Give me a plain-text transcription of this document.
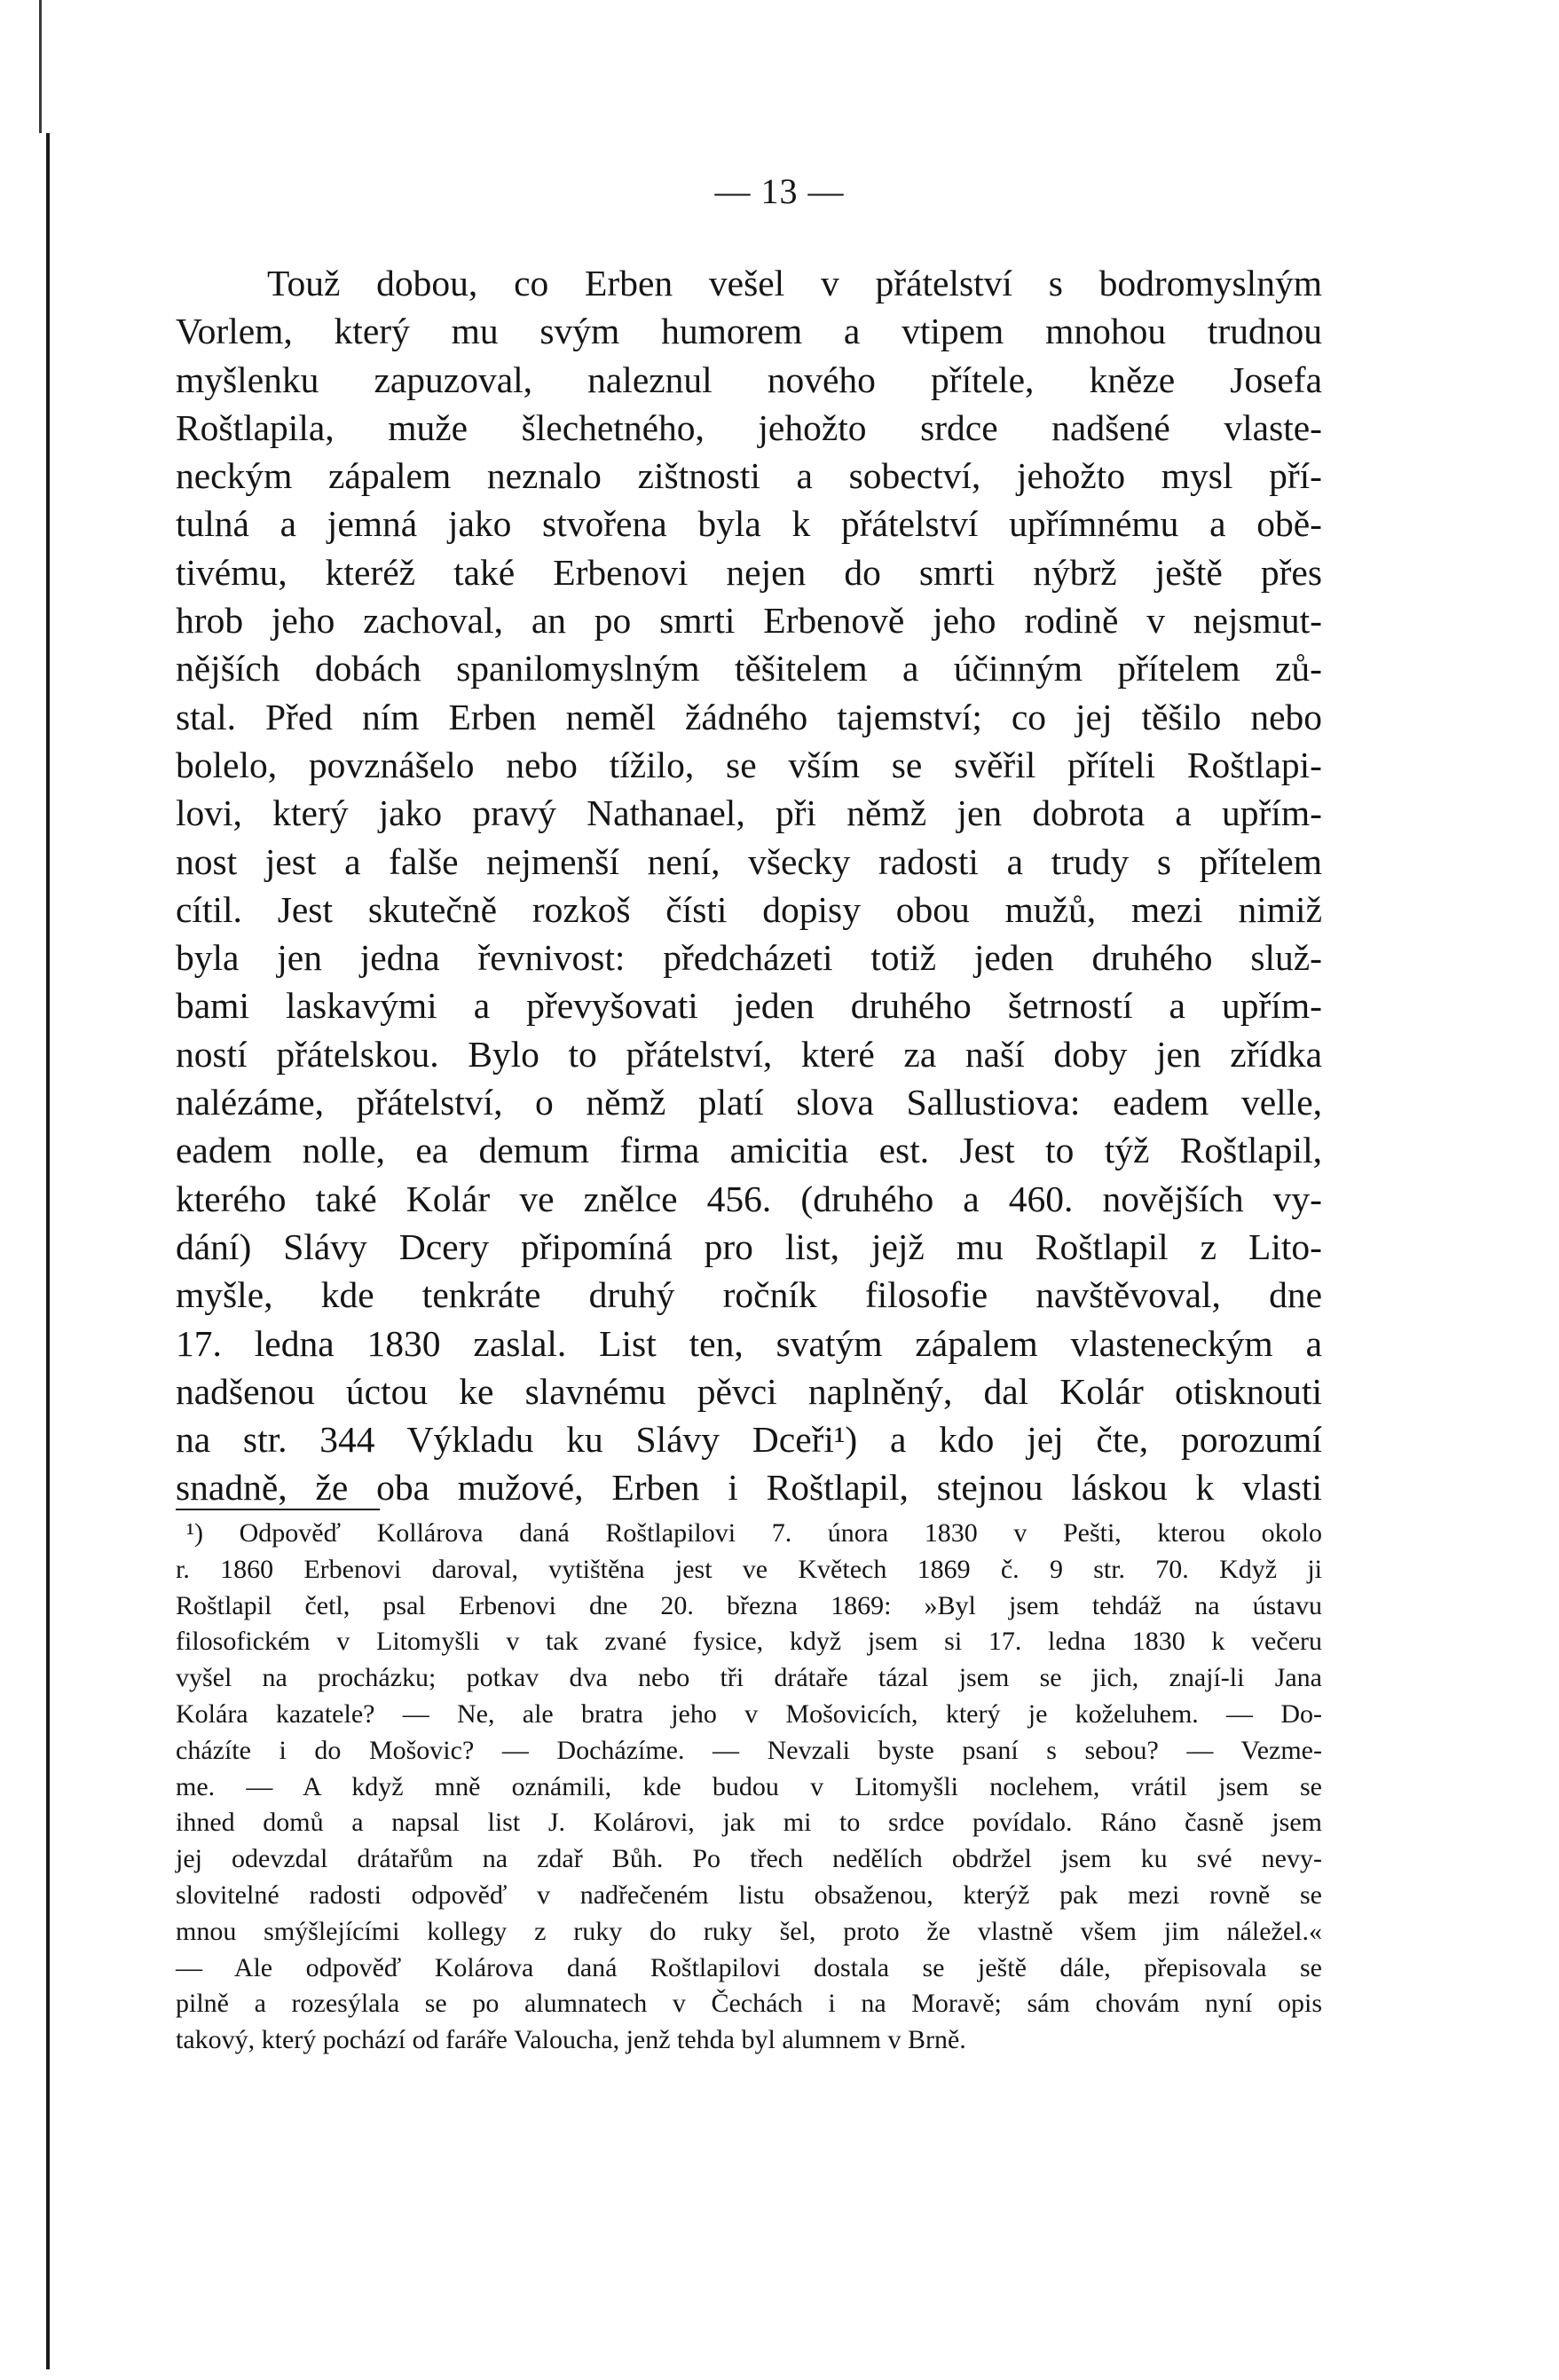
— 13 —
Touž dobou, co Erben vešel v přátelství s bodromyslným
Vorlem, který mu svým humorem a vtipem mnohou trudnou
myšlenku zapuzoval, naleznul nového přítele, kněze Josefa
Roštlapila, muže šlechetného, jehožto srdce nadšené vlaste-
neckým zápalem neznalo zištnosti a sobectví, jehožto mysl pří-
tulná a jemná jako stvořena byla k přátelství upřímnému a obě-
tivému, kteréž také Erbenovi nejen do smrti nýbrž ještě přes
hrob jeho zachoval, an po smrti Erbenově jeho rodině v nejsmut-
nějších dobách spanilomyslným těšitelem a účinným přítelem zů-
stal. Před ním Erben neměl žádného tajemství; co jej těšilo nebo
bolelo, povznášelo nebo tížilo, se vším se svěřil příteli Roštlapi-
lovi, který jako pravý Nathanael, při němž jen dobrota a upřím-
nost jest a falše nejmenší není, všecky radosti a trudy s přítelem
cítil. Jest skutečně rozkoš čísti dopisy obou mužů, mezi nimiž
byla jen jedna řevnivost: předcházeti totiž jeden druhého služ-
bami laskavými a převyšovati jeden druhého šetrností a upřím-
ností přátelskou. Bylo to přátelství, které za naší doby jen zřídka
nalézáme, přátelství, o němž platí slova Sallustiova: eadem velle,
eadem nolle, ea demum firma amicitia est. Jest to týž Roštlapil,
kterého také Kolár ve znělce 456. (druhého a 460. novějších vy-
dání) Slávy Dcery připomíná pro list, jejž mu Roštlapil z Lito-
myšle, kde tenkráte druhý ročník filosofie navštěvoval, dne
17. ledna 1830 zaslal. List ten, svatým zápalem vlasteneckým a
nadšenou úctou ke slavnému pěvci naplněný, dal Kolár otisknouti
na str. 344 Výkladu ku Slávy Dceři¹) a kdo jej čte, porozumí
snadně, že oba mužové, Erben i Roštlapil, stejnou láskou k vlasti
¹) Odpověď Kollárova daná Roštlapilovi 7. února 1830 v Pešti, kterou okolo
r. 1860 Erbenovi daroval, vytištěna jest ve Květech 1869 č. 9 str. 70. Když ji
Roštlapil četl, psal Erbenovi dne 20. března 1869: »Byl jsem tehdáž na ústavu
filosofickém v Litomyšli v tak zvané fysice, když jsem si 17. ledna 1830 k večeru
vyšel na procházku; potkav dva nebo tři drátaře tázal jsem se jich, znají-li Jana
Kolára kazatele? — Ne, ale bratra jeho v Mošovicích, který je koželuhem. — Do-
cházíte i do Mošovic? — Docházíme. — Nevzali byste psaní s sebou? — Vezme-
me. — A když mně oznámili, kde budou v Litomyšli noclehem, vrátil jsem se
ihned domů a napsal list J. Kolárovi, jak mi to srdce povídalo. Ráno časně jsem
jej odevzdal drátařům na zdař Bůh. Po třech nedělích obdržel jsem ku své nevy-
slovitelné radosti odpověď v nadřečeném listu obsaženou, kterýž pak mezi rovně se
mnou smýšlejícími kollegy z ruky do ruky šel, proto že vlastně všem jim náležel.«
— Ale odpověď Kolárova daná Roštlapilovi dostala se ještě dále, přepisovala se
pilně a rozesýlala se po alumnatech v Čechách i na Moravě; sám chovám nyní opis
takový, který pochází od faráře Valoucha, jenž tehda byl alumnem v Brně.
